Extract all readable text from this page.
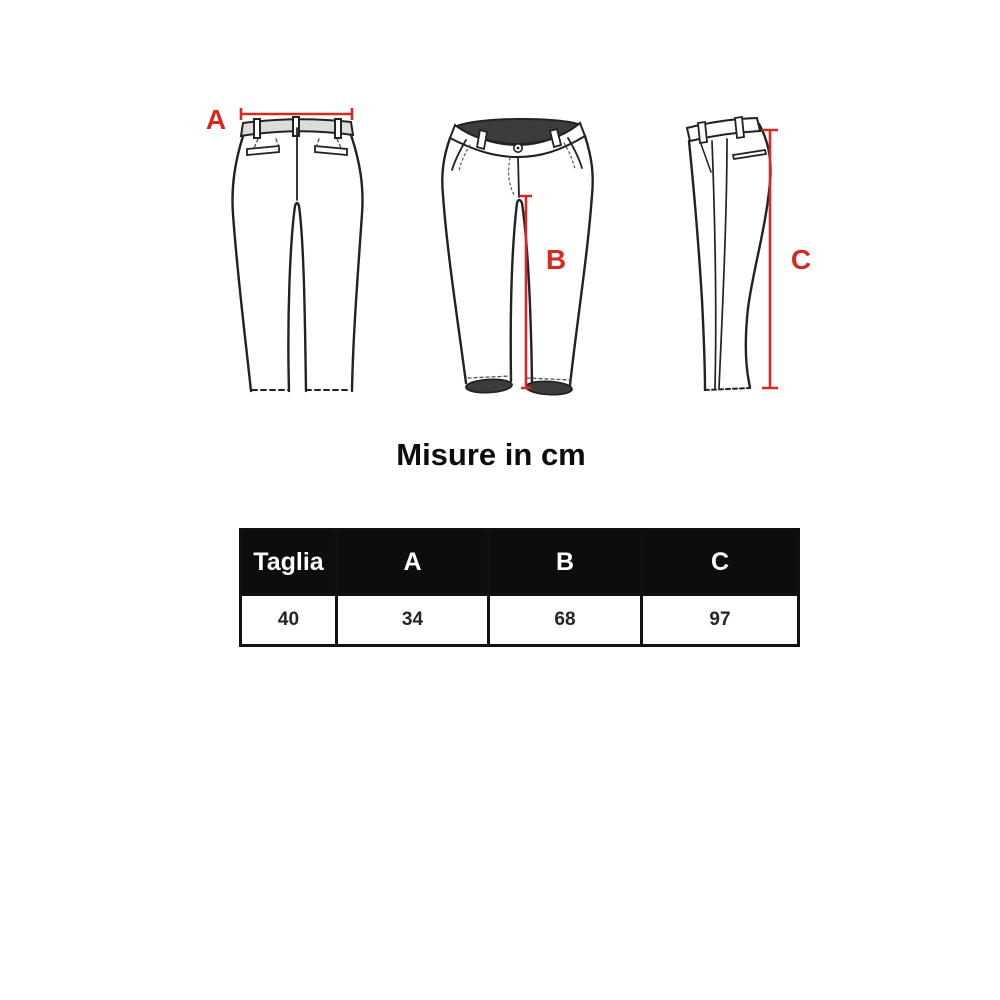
A
B	C
Misure in cm
Taglia	A	B	C
40	34	68	97
